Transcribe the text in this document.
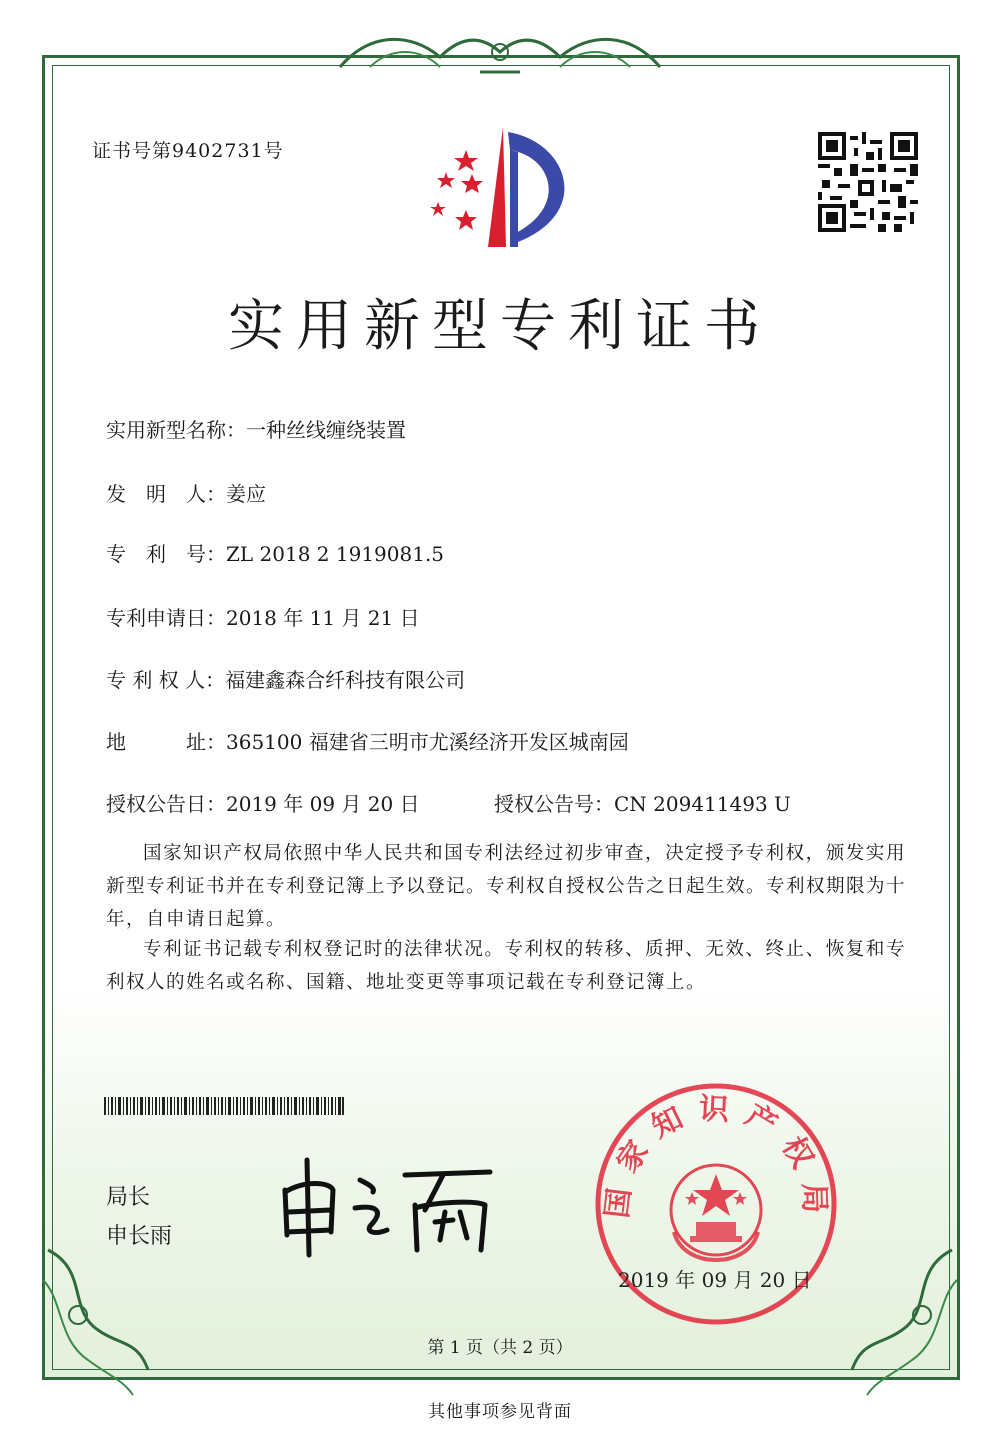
证书号第9402731号
实用新型专利证书
实用新型名称：一种丝线缠绕装置
发　明　人：姜应
专　利　号：ZL 2018 2 1919081.5
专利申请日：2018 年 11 月 21 日
专 利 权 人：福建鑫森合纤科技有限公司
地　　　址：365100 福建省三明市尤溪经济开发区城南园
授权公告日：2019 年 09 月 20 日	授权公告号：CN 209411493 U
国家知识产权局依照中华人民共和国专利法经过初步审查，决定授予专利权，颁发实用新型专利证书并在专利登记簿上予以登记。专利权自授权公告之日起生效。专利权期限为十年，自申请日起算。
专利证书记载专利权登记时的法律状况。专利权的转移、质押、无效、终止、恢复和专利权人的姓名或名称、国籍、地址变更等事项记载在专利登记簿上。
局长
申长雨
国家知识产权局
2019 年 09 月 20 日
第 1 页（共 2 页）
其他事项参见背面
